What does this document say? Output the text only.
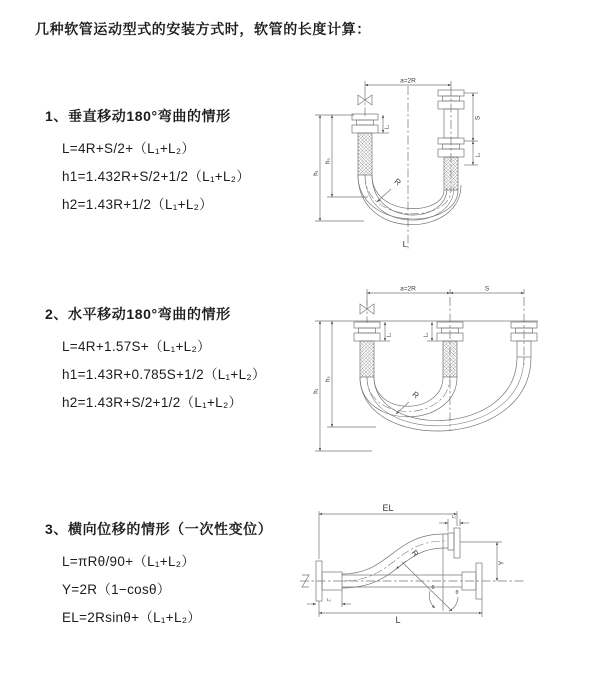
几种软管运动型式的安装方式时，软管的长度计算：
1、垂直移动180°弯曲的情形
L=4R+S/2+（L₁+L₂）
h1=1.432R+S/2+1/2（L₁+L₂）
h2=1.43R+1/2（L₁+L₂）
2、水平移动180°弯曲的情形
L=4R+1.57S+（L₁+L₂）
h1=1.43R+0.785S+1/2（L₁+L₂）
h2=1.43R+S/2+1/2（L₁+L₂）
3、横向位移的情形（一次性变位）
L=πRθ/90+（L₁+L₂）
Y=2R（1−cosθ）
EL=2Rsinθ+（L₁+L₂）
a=2R
h₁
h₂
L₁
S
L₂
R
L
a=2R	S
L₁	L₂
h₁
h₂
R
EL
L₂
Y
L
L₁
R
θ
θ
